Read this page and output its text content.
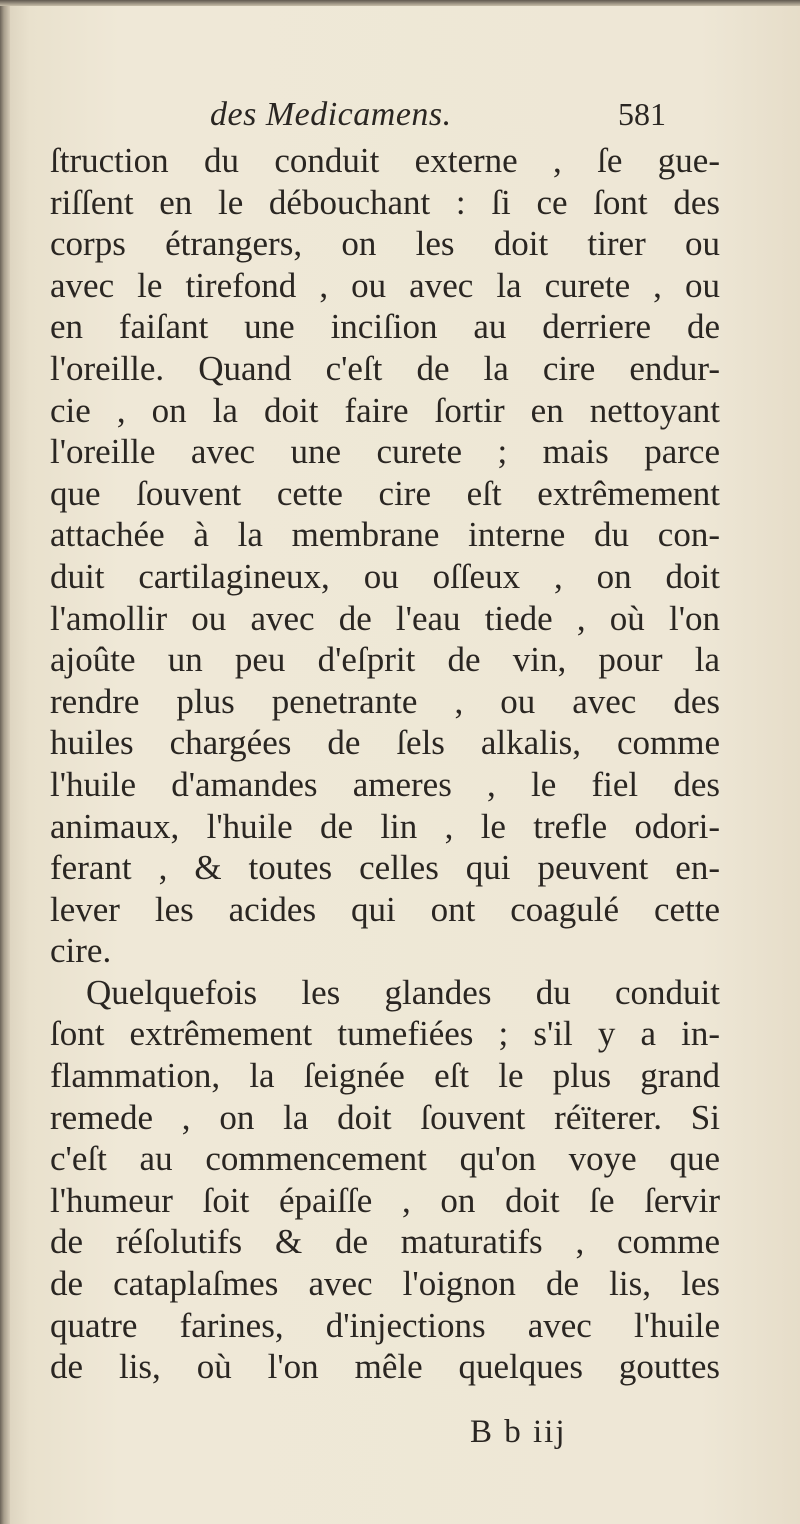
des Medicamens.	581
ſtruction du conduit externe , ſe gue-
riſſent en le débouchant : ſi ce ſont des
corps étrangers, on les doit tirer ou
avec le tirefond , ou avec la curete , ou
en faiſant une inciſion au derriere de
l'oreille. Quand c'eſt de la cire endur-
cie , on la doit faire ſortir en nettoyant
l'oreille avec une curete ; mais parce
que ſouvent cette cire eſt extrêmement
attachée à la membrane interne du con-
duit cartilagineux, ou oſſeux , on doit
l'amollir ou avec de l'eau tiede , où l'on
ajoûte un peu d'eſprit de vin, pour la
rendre plus penetrante , ou avec des
huiles chargées de ſels alkalis, comme
l'huile d'amandes ameres , le fiel des
animaux, l'huile de lin , le trefle odori-
ferant , & toutes celles qui peuvent en-
lever les acides qui ont coagulé cette
cire.
Quelquefois les glandes du conduit
ſont extrêmement tumefiées ; s'il y a in-
flammation, la ſeignée eſt le plus grand
remede , on la doit ſouvent réïterer. Si
c'eſt au commencement qu'on voye que
l'humeur ſoit épaiſſe , on doit ſe ſervir
de réſolutifs & de maturatifs , comme
de cataplaſmes avec l'oignon de lis, les
quatre farines, d'injections avec l'huile
de lis, où l'on mêle quelques gouttes
B b iij
